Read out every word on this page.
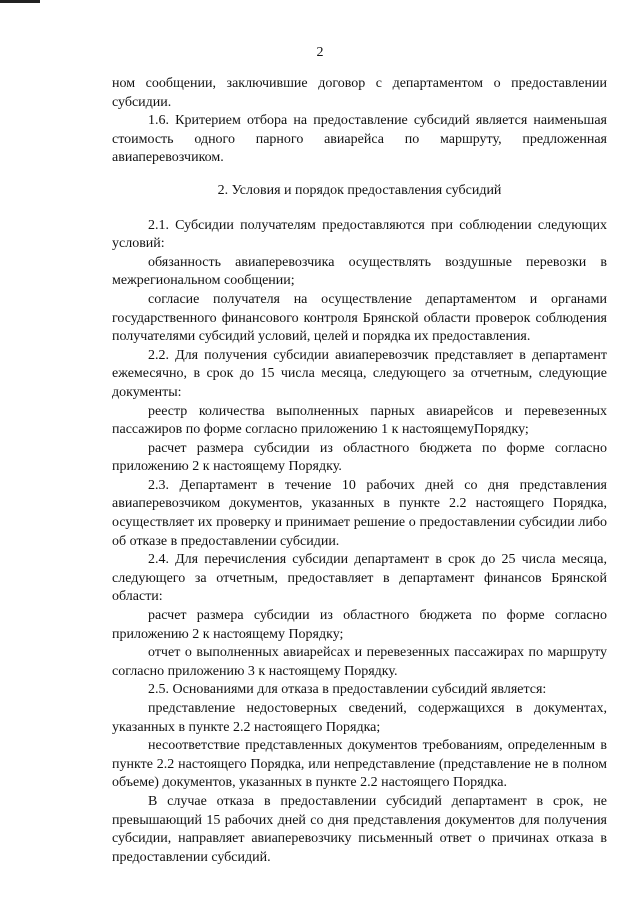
2

ном сообщении, заключившие договор с департаментом о предоставлении субсидии.

1.6. Критерием отбора на предоставление субсидий является наименьшая стоимость одного парного авиарейса по маршруту, предложенная авиаперевозчиком.

2. Условия и порядок предоставления субсидий

2.1. Субсидии получателям предоставляются при соблюдении следующих условий:

обязанность авиаперевозчика осуществлять воздушные перевозки в межрегиональном сообщении;

согласие получателя на осуществление департаментом и органами государственного финансового контроля Брянской области проверок соблюдения получателями субсидий условий, целей и порядка их предоставления.

2.2. Для получения субсидии авиаперевозчик представляет в департамент ежемесячно, в срок до 15 числа месяца, следующего за отчетным, следующие документы:

реестр количества выполненных парных авиарейсов и перевезенных пассажиров по форме согласно приложению 1 к настоящемуПорядку;

расчет размера субсидии из областного бюджета по форме согласно приложению 2 к настоящему Порядку.

2.3. Департамент в течение 10 рабочих дней со дня представления авиаперевозчиком документов, указанных в пункте 2.2 настоящего Порядка, осуществляет их проверку и принимает решение о предоставлении субсидии либо об отказе в предоставлении субсидии.

2.4. Для перечисления субсидии департамент в срок до 25 числа месяца, следующего за отчетным, предоставляет в департамент финансов Брянской области:

расчет размера субсидии из областного бюджета по форме согласно приложению 2 к настоящему Порядку;

отчет о выполненных авиарейсах и перевезенных пассажирах по маршруту согласно приложению 3 к настоящему Порядку.

2.5. Основаниями для отказа в предоставлении субсидий является:

представление недостоверных сведений, содержащихся в документах, указанных в пункте 2.2 настоящего Порядка;

несоответствие представленных документов требованиям, определенным в пункте 2.2 настоящего Порядка, или непредставление (представление не в полном объеме) документов, указанных в пункте 2.2 настоящего Порядка.

В случае отказа в предоставлении субсидий департамент в срок, не превышающий 15 рабочих дней со дня представления документов для получения субсидии, направляет авиаперевозчику письменный ответ о причинах отказа в предоставлении субсидий.
